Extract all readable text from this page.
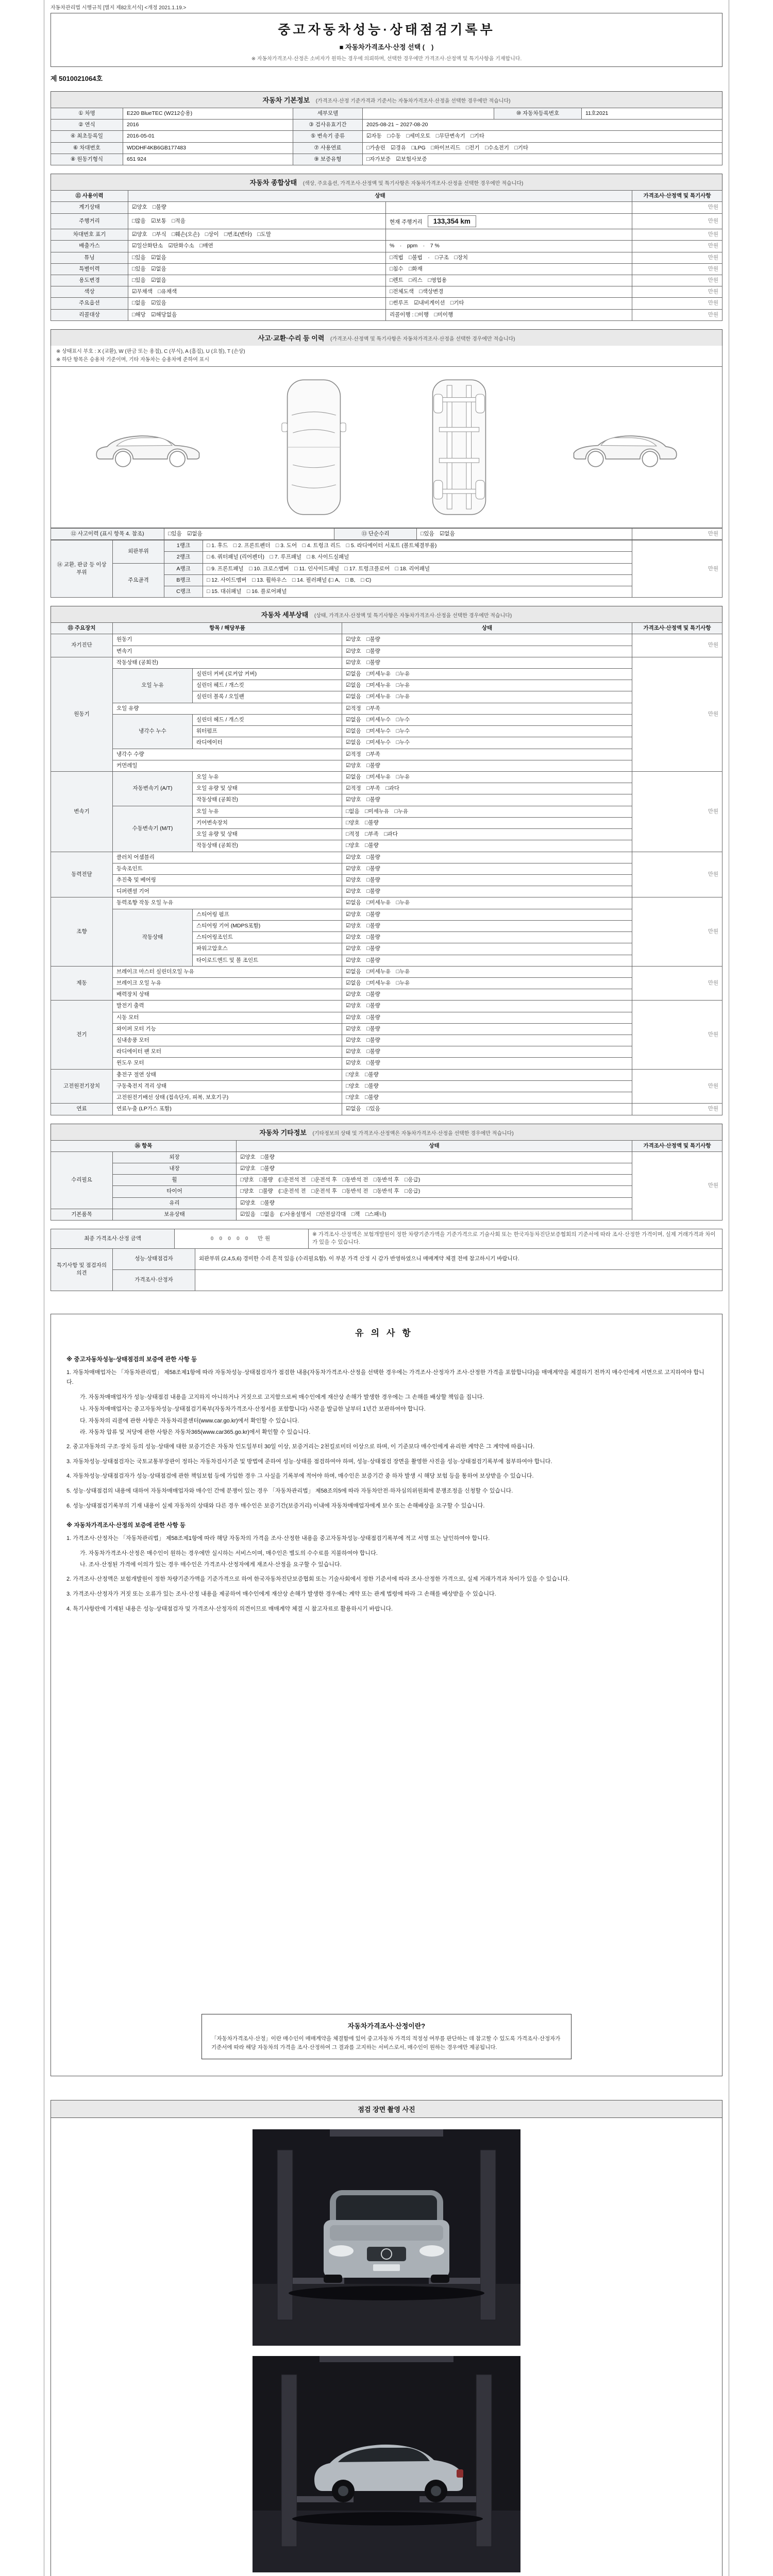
자동차관리법 시행규칙 [별지 제82호서식] <개정 2021.1.19.>
중고자동차성능·상태점검기록부
■ 자동차가격조사·산정 선택 (　)
※ 자동차가격조사·산정은 소비자가 원하는 경우에 의뢰하며, 선택한 경우에만 가격조사·산정액 및 특기사항을 기재합니다.
제 5010021064호
자동차 기본정보 (가격조사·산정 기준가격과 기준서는 자동차가격조사·산정을 선택한 경우에만 적습니다)
① 차명	E220 BlueTEC (W212승용)	세부모델		⑩ 자동차등록번호	11호2021
② 연식	2016	③ 검사유효기간	2025-08-21 ~ 2027-08-20		
④ 최초등록일	2016-05-01	⑤ 변속기 종류	☑자동　□수동　□세미오토　□무단변속기　□기타		
⑥ 차대번호	WDDHF4KB6GB177483	⑦ 사용연료	□가솔린　☑경유　□LPG　□하이브리드　□전기　□수소전기　□기타		
⑧ 원동기형식	651 924	⑨ 보증유형	□자가보증　☑보험사보증		
자동차 종합상태 (색상, 주요옵션, 가격조사·산정액 및 특기사항은 자동차가격조사·산정을 선택한 경우에만 적습니다)
⑪ 사용이력	상태		가격조사·산정액 및 특기사항
계기상태	☑양호　□불량		만원
주행거리	□많음　☑보통　□적음	현재 주행거리 133,354 km	만원
차대번호 표기	☑양호　□부식　□훼손(오손)　□상이　□변조(변타)　□도말		만원
배출가스	☑일산화탄소　☑탄화수소　□매연	%　·　ppm　·　7 %	만원
튜닝	□있음　☑없음	□적법　□불법　·　□구조　□장치	만원
특별이력	□있음　☑없음	□침수　□화재	만원
용도변경	□있음　☑없음	□렌트　□리스　□영업용	만원
색상	☑무채색　□유채색	□전체도색　□색상변경	만원
주요옵션	□없음　☑있음	□썬루프　☑내비게이션　□기타	만원
리콜대상	□해당　☑해당없음	리콜이행 : □이행　□미이행	만원
사고·교환·수리 등 이력 (가격조사·산정액 및 특기사항은 자동차가격조사·산정을 선택한 경우에만 적습니다)
※ 상태표시 부호 : X (교환), W (판금 또는 용접), C (부식), A (흠집), U (요철), T (손상)
※ 하단 항목은 승용차 기준이며, 기타 자동차는 승용차에 준하여 표시
⑫ 사고이력 (표시 항목 4. 참조)	□있음　☑없음	⑬ 단순수리	□있음　☑없음	만원
⑭ 교환, 판금 등 이상 부위	외판부위	1랭크	□ 1. 후드　□ 2. 프론트펜더　□ 3. 도어　□ 4. 트렁크 리드　□ 5. 라디에이터 서포트 (볼트체결부품)	만원
		2랭크	□ 6. 쿼터패널 (리어펜더)　□ 7. 루프패널　□ 8. 사이드실패널	
	주요골격	A랭크	□ 9. 프론트패널　□ 10. 크로스멤버　□ 11. 인사이드패널　□ 17. 트렁크플로어　□ 18. 리어패널	
		B랭크	□ 12. 사이드멤버　□ 13. 휠하우스　□ 14. 필러패널 (□ A,　□ B,　□ C)	
		C랭크	□ 15. 대쉬패널　□ 16. 플로어패널	
자동차 세부상태 (상태, 가격조사·산정액 및 특기사항은 자동차가격조사·산정을 선택한 경우에만 적습니다)
⑮ 주요장치	항목 / 해당부품		상태	가격조사·산정액 및 특기사항
자기진단	원동기		☑양호　□불량	만원
	변속기		☑양호　□불량	
원동기	작동상태 (공회전)		☑양호　□불량	만원
	오일 누유	실린더 커버 (로커암 커버)	☑없음　□미세누유　□누유	
		실린더 헤드 / 개스킷	☑없음　□미세누유　□누유	
		실린더 블록 / 오일팬	☑없음　□미세누유　□누유	
	오일 유량		☑적정　□부족	
	냉각수 누수	실린더 헤드 / 개스킷	☑없음　□미세누수　□누수	
		워터펌프	☑없음　□미세누수　□누수	
		라디에이터	☑없음　□미세누수　□누수	
	냉각수 수량		☑적정　□부족	
	커먼레일		☑양호　□불량	
변속기	자동변속기 (A/T)	오일 누유	☑없음　□미세누유　□누유	만원
		오일 유량 및 상태	☑적정　□부족　□과다	
		작동상태 (공회전)	☑양호　□불량	
	수동변속기 (M/T)	오일 누유	□없음　□미세누유　□누유	
		기어변속장치	□양호　□불량	
		오일 유량 및 상태	□적정　□부족　□과다	
		작동상태 (공회전)	□양호　□불량	
동력전달	클러치 어셈블리		☑양호　□불량	만원
	등속조인트		☑양호　□불량	
	추진축 및 베어링		☑양호　□불량	
	디퍼렌셜 기어		☑양호　□불량	
조향	동력조향 작동 오일 누유		☑없음　□미세누유　□누유	만원
	작동상태	스티어링 펌프	☑양호　□불량	
		스티어링 기어 (MDPS포함)	☑양호　□불량	
		스티어링조인트	☑양호　□불량	
		파워고압호스	☑양호　□불량	
		타이로드엔드 및 볼 조인트	☑양호　□불량	
제동	브레이크 마스터 실린더오일 누유		☑없음　□미세누유　□누유	만원
	브레이크 오일 누유		☑없음　□미세누유　□누유	
	배력장치 상태		☑양호　□불량	
전기	발전기 출력		☑양호　□불량	만원
	시동 모터		☑양호　□불량	
	와이퍼 모터 기능		☑양호　□불량	
	실내송풍 모터		☑양호　□불량	
	라디에이터 팬 모터		☑양호　□불량	
	윈도우 모터		☑양호　□불량	
고전원전기장치	충전구 절연 상태		□양호　□불량	만원
	구동축전지 격리 상태		□양호　□불량	
	고전원전기배선 상태 (접속단자, 피복, 보호기구)		□양호　□불량	
연료	연료누출 (LP가스 포함)		☑없음　□있음	만원
자동차 기타정보 (기타정보의 상태 및 가격조사·산정액은 자동차가격조사·산정을 선택한 경우에만 적습니다)
⑯ 항목		상태	가격조사·산정액 및 특기사항
수리필요	외장	☑양호　□불량	만원
	내장	☑양호　□불량	
	휠	□양호　□불량　(□운전석 전　□운전석 후　□동반석 전　□동반석 후　□응급)	
	타이어	□양호　□불량　(□운전석 전　□운전석 후　□동반석 전　□동반석 후　□응급)	
	유리	☑양호　□불량	
기본품목	보유상태	☑있음　□없음　(□사용설명서　□안전삼각대　□잭　□스패너)	
최종 가격조사·산정 금액	0 0 0 0 0　만원	※ 가격조사·산정액은 보험개발원이 정한 차량기준가액을 기준가격으로 기술사회 또는 한국자동차진단보증협회의 기준서에 따라 조사·산정한 가격이며, 실제 거래가격과 차이가 있을 수 있습니다.
특기사항 및 점검자의 의견	성능·상태점검자	외판부위 (2,4,5,6) 경미한 수리 흔적 있음 (수리필요함). 이 부분 가격 산정 시 감가 반영하였으니 매매계약 체결 전에 참고하시기 바랍니다.
	가격조사·산정자	
유의사항

※ 중고자동차성능·상태점검의 보증에 관한 사항 등

1. 자동차매매업자는 「자동차관리법」 제58조제1항에 따라 자동차성능·상태점검자가 점검한 내용(자동차가격조사·산정을 선택한 경우에는 가격조사·산정자가 조사·산정한 가격을 포함합니다)을 매매계약을 체결하기 전까지 매수인에게 서면으로 고지하여야 합니다.

가. 자동차매매업자가 성능·상태점검 내용을 고지하지 아니하거나 거짓으로 고지함으로써 매수인에게 재산상 손해가 발생한 경우에는 그 손해를 배상할 책임을 집니다.

나. 자동차매매업자는 중고자동차성능·상태점검기록부(자동차가격조사·산정서를 포함합니다) 사본을 발급한 날부터 1년간 보관하여야 합니다.

다. 자동차의 리콜에 관한 사항은 자동차리콜센터(www.car.go.kr)에서 확인할 수 있습니다.

라. 자동차 압류 및 저당에 관한 사항은 자동차365(www.car365.go.kr)에서 확인할 수 있습니다.

2. 중고자동차의 구조·장치 등의 성능·상태에 대한 보증기간은 자동차 인도일부터 30일 이상, 보증거리는 2천킬로미터 이상으로 하며, 이 기준보다 매수인에게 유리한 계약은 그 계약에 따릅니다.

3. 자동차성능·상태점검자는 국토교통부장관이 정하는 자동차검사기준 및 방법에 준하여 성능·상태를 점검하여야 하며, 성능·상태점검 장면을 촬영한 사진을 성능·상태점검기록부에 첨부하여야 합니다.

4. 자동차성능·상태점검자가 성능·상태점검에 관한 책임보험 등에 가입한 경우 그 사실을 기록부에 적어야 하며, 매수인은 보증기간 중 하자 발생 시 해당 보험 등을 통하여 보상받을 수 있습니다.

5. 성능·상태점검의 내용에 대하여 자동차매매업자와 매수인 간에 분쟁이 있는 경우 「자동차관리법」 제58조의5에 따라 자동차안전·하자심의위원회에 분쟁조정을 신청할 수 있습니다.

6. 성능·상태점검기록부의 기재 내용이 실제 자동차의 상태와 다른 경우 매수인은 보증기간(보증거리) 이내에 자동차매매업자에게 보수 또는 손해배상을 요구할 수 있습니다.

※ 자동차가격조사·산정의 보증에 관한 사항 등

1. 가격조사·산정자는 「자동차관리법」 제58조제1항에 따라 해당 자동차의 가격을 조사·산정한 내용을 중고자동차성능·상태점검기록부에 적고 서명 또는 날인하여야 합니다.

가. 자동차가격조사·산정은 매수인이 원하는 경우에만 실시하는 서비스이며, 매수인은 별도의 수수료를 지불하여야 합니다.

나. 조사·산정된 가격에 이의가 있는 경우 매수인은 가격조사·산정자에게 재조사·산정을 요구할 수 있습니다.

2. 가격조사·산정액은 보험개발원이 정한 차량기준가액을 기준가격으로 하여 한국자동차진단보증협회 또는 기술사회에서 정한 기준서에 따라 조사·산정한 가격으로, 실제 거래가격과 차이가 있을 수 있습니다.

3. 가격조사·산정자가 거짓 또는 오류가 있는 조사·산정 내용을 제공하여 매수인에게 재산상 손해가 발생한 경우에는 계약 또는 관계 법령에 따라 그 손해를 배상받을 수 있습니다.

4. 특기사항란에 기재된 내용은 성능·상태점검자 및 가격조사·산정자의 의견이므로 매매계약 체결 시 참고자료로 활용하시기 바랍니다.

자동차가격조사·산정이란?

「자동차가격조사·산정」이란 매수인이 매매계약을 체결함에 있어 중고자동차 가격의 적정성 여부를 판단하는 데 참고할 수 있도록 가격조사·산정자가 기준서에 따라 해당 자동차의 가격을 조사·산정하여 그 결과를 고지하는 서비스로서, 매수인이 원하는 경우에만 제공됩니다.

점검 장면 촬영 사진
